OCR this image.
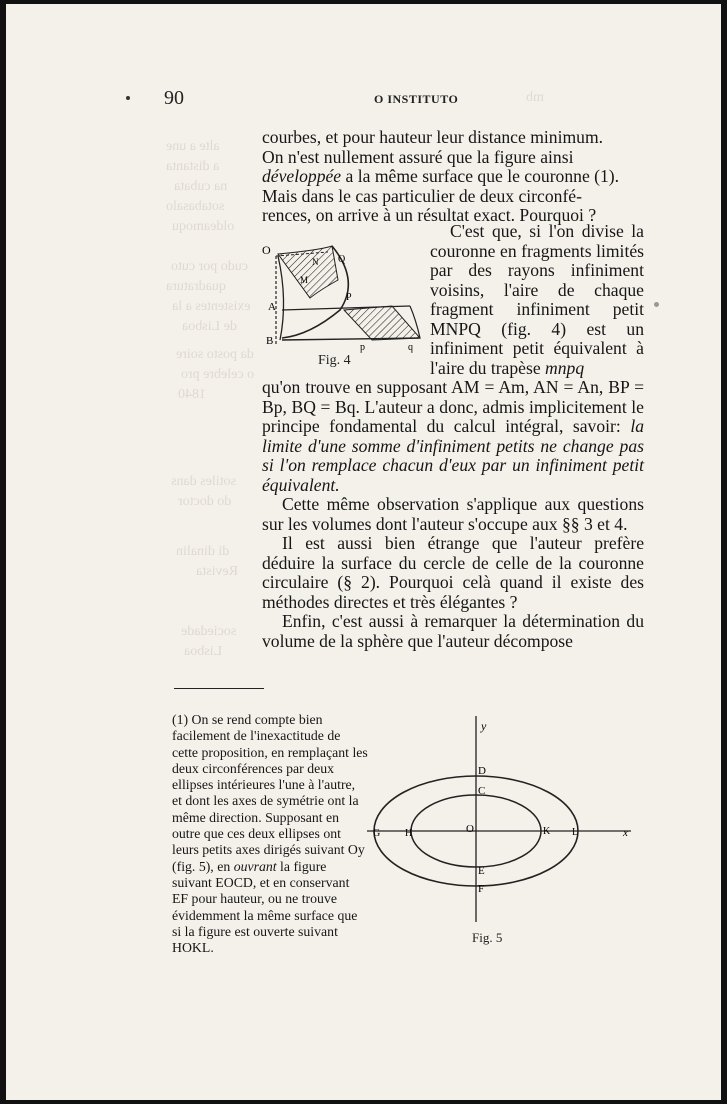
alte a une
a distanta
na cubata
sotabasalo
oldeamoqu
mb
cudo por cuto
quadratura
existentes a la
de Lisboa
da posto soire
o celebre pro
1840
sotiles dans
do doctor
di dinalin
Revista
sociedade
Lisboa
90	O INSTITUTO

courbes, et pour hauteur leur distance minimum.

On n'est nullement assuré que la figure ainsi

développée a la même surface que le couronne (1).

Mais dans le cas particulier de deux circonfé-

rences, on arrive à un résultat exact. Pourquoi ?

C'est que, si l'on divise la couronne en fragments limités par des rayons infiniment voisins, l'aire de chaque fragment infiniment petit MNPQ (fig. 4) est un infiniment petit équivalent à l'aire du trapèse mnpq

O
N Q
M
P
A
B
p	q
Fig. 4

qu'on trouve en supposant AM = Am, AN = An, BP = Bp, BQ = Bq. L'auteur a donc, admis implicitement le principe fondamental du calcul intégral, savoir: la limite d'une somme d'infiniment petits ne change pas si l'on remplace chacun d'eux par un infiniment petit équivalent.

Cette même observation s'applique aux questions sur les volumes dont l'auteur s'occupe aux §§ 3 et 4.

Il est aussi bien étrange que l'auteur prefère déduire la surface du cercle de celle de la couronne circulaire (§ 2). Pourquoi celà quand il existe des méthodes directes et très élégantes ?

Enfin, c'est aussi à remarquer la détermination du volume de la sphère que l'auteur décompose

(1) On se rend compte bien facilement de l'inexactitude de cette proposition, en remplaçant les deux circonférences par deux ellipses intérieures l'une à l'autre, et dont les axes de symétrie ont la même direction. Supposant en outre que ces deux ellipses ont leurs petits axes dirigés suivant Oy (fig. 5), en ouvrant la figure suivant EOCD, et en conservant EF pour hauteur, ou ne trouve évidemment la même surface que si la figure est ouverte suivant HOKL.
y
D
C
G H	O	K L	x
E
F
Fig. 5
